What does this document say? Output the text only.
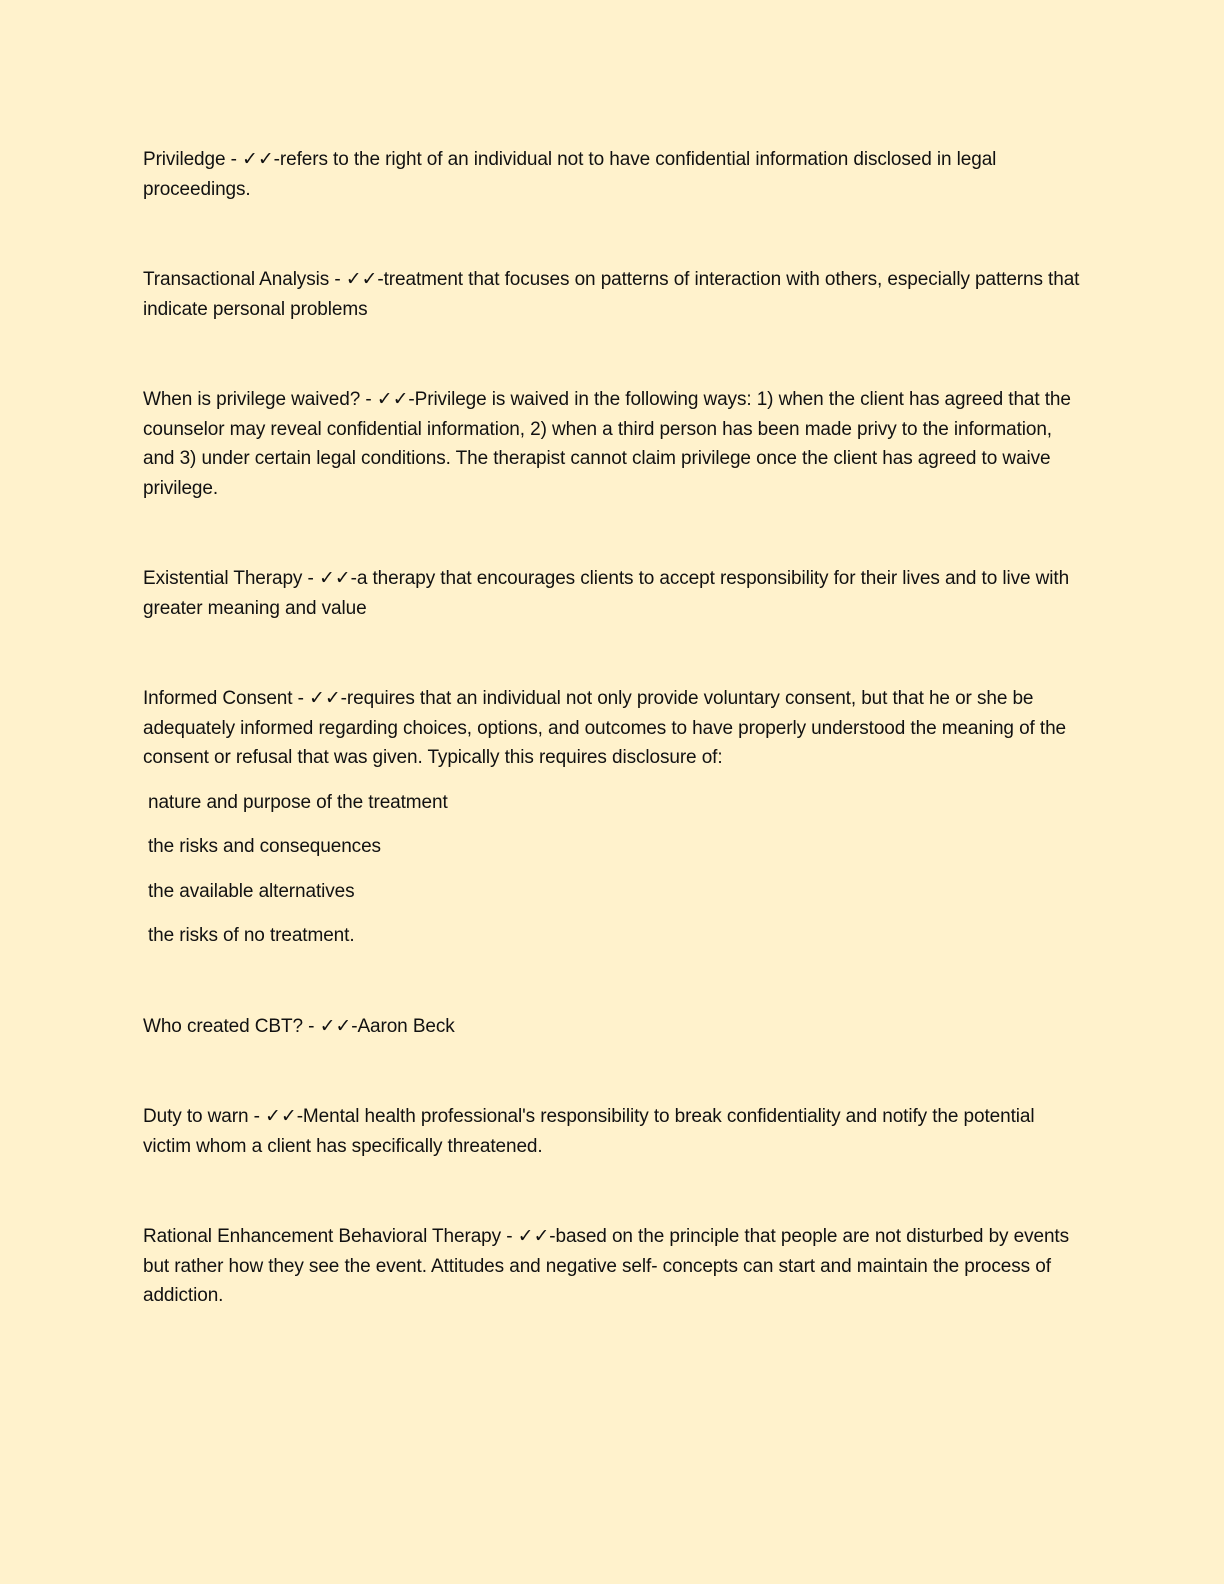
Priviledge - ✓✓-refers to the right of an individual not to have confidential information disclosed in legal proceedings.

Transactional Analysis - ✓✓-treatment that focuses on patterns of interaction with others, especially patterns that indicate personal problems

When is privilege waived? - ✓✓-Privilege is waived in the following ways: 1) when the client has agreed that the counselor may reveal confidential information, 2) when a third person has been made privy to the information, and 3) under certain legal conditions. The therapist cannot claim privilege once the client has agreed to waive privilege.

Existential Therapy - ✓✓-a therapy that encourages clients to accept responsibility for their lives and to live with greater meaning and value

Informed Consent - ✓✓-requires that an individual not only provide voluntary consent, but that he or she be adequately informed regarding choices, options, and outcomes to have properly understood the meaning of the consent or refusal that was given. Typically this requires disclosure of:

nature and purpose of the treatment

the risks and consequences

the available alternatives

the risks of no treatment.

Who created CBT? - ✓✓-Aaron Beck

Duty to warn - ✓✓-Mental health professional's responsibility to break confidentiality and notify the potential victim whom a client has specifically threatened.

Rational Enhancement Behavioral Therapy - ✓✓-based on the principle that people are not disturbed by events but rather how they see the event. Attitudes and negative self- concepts can start and maintain the process of addiction.
